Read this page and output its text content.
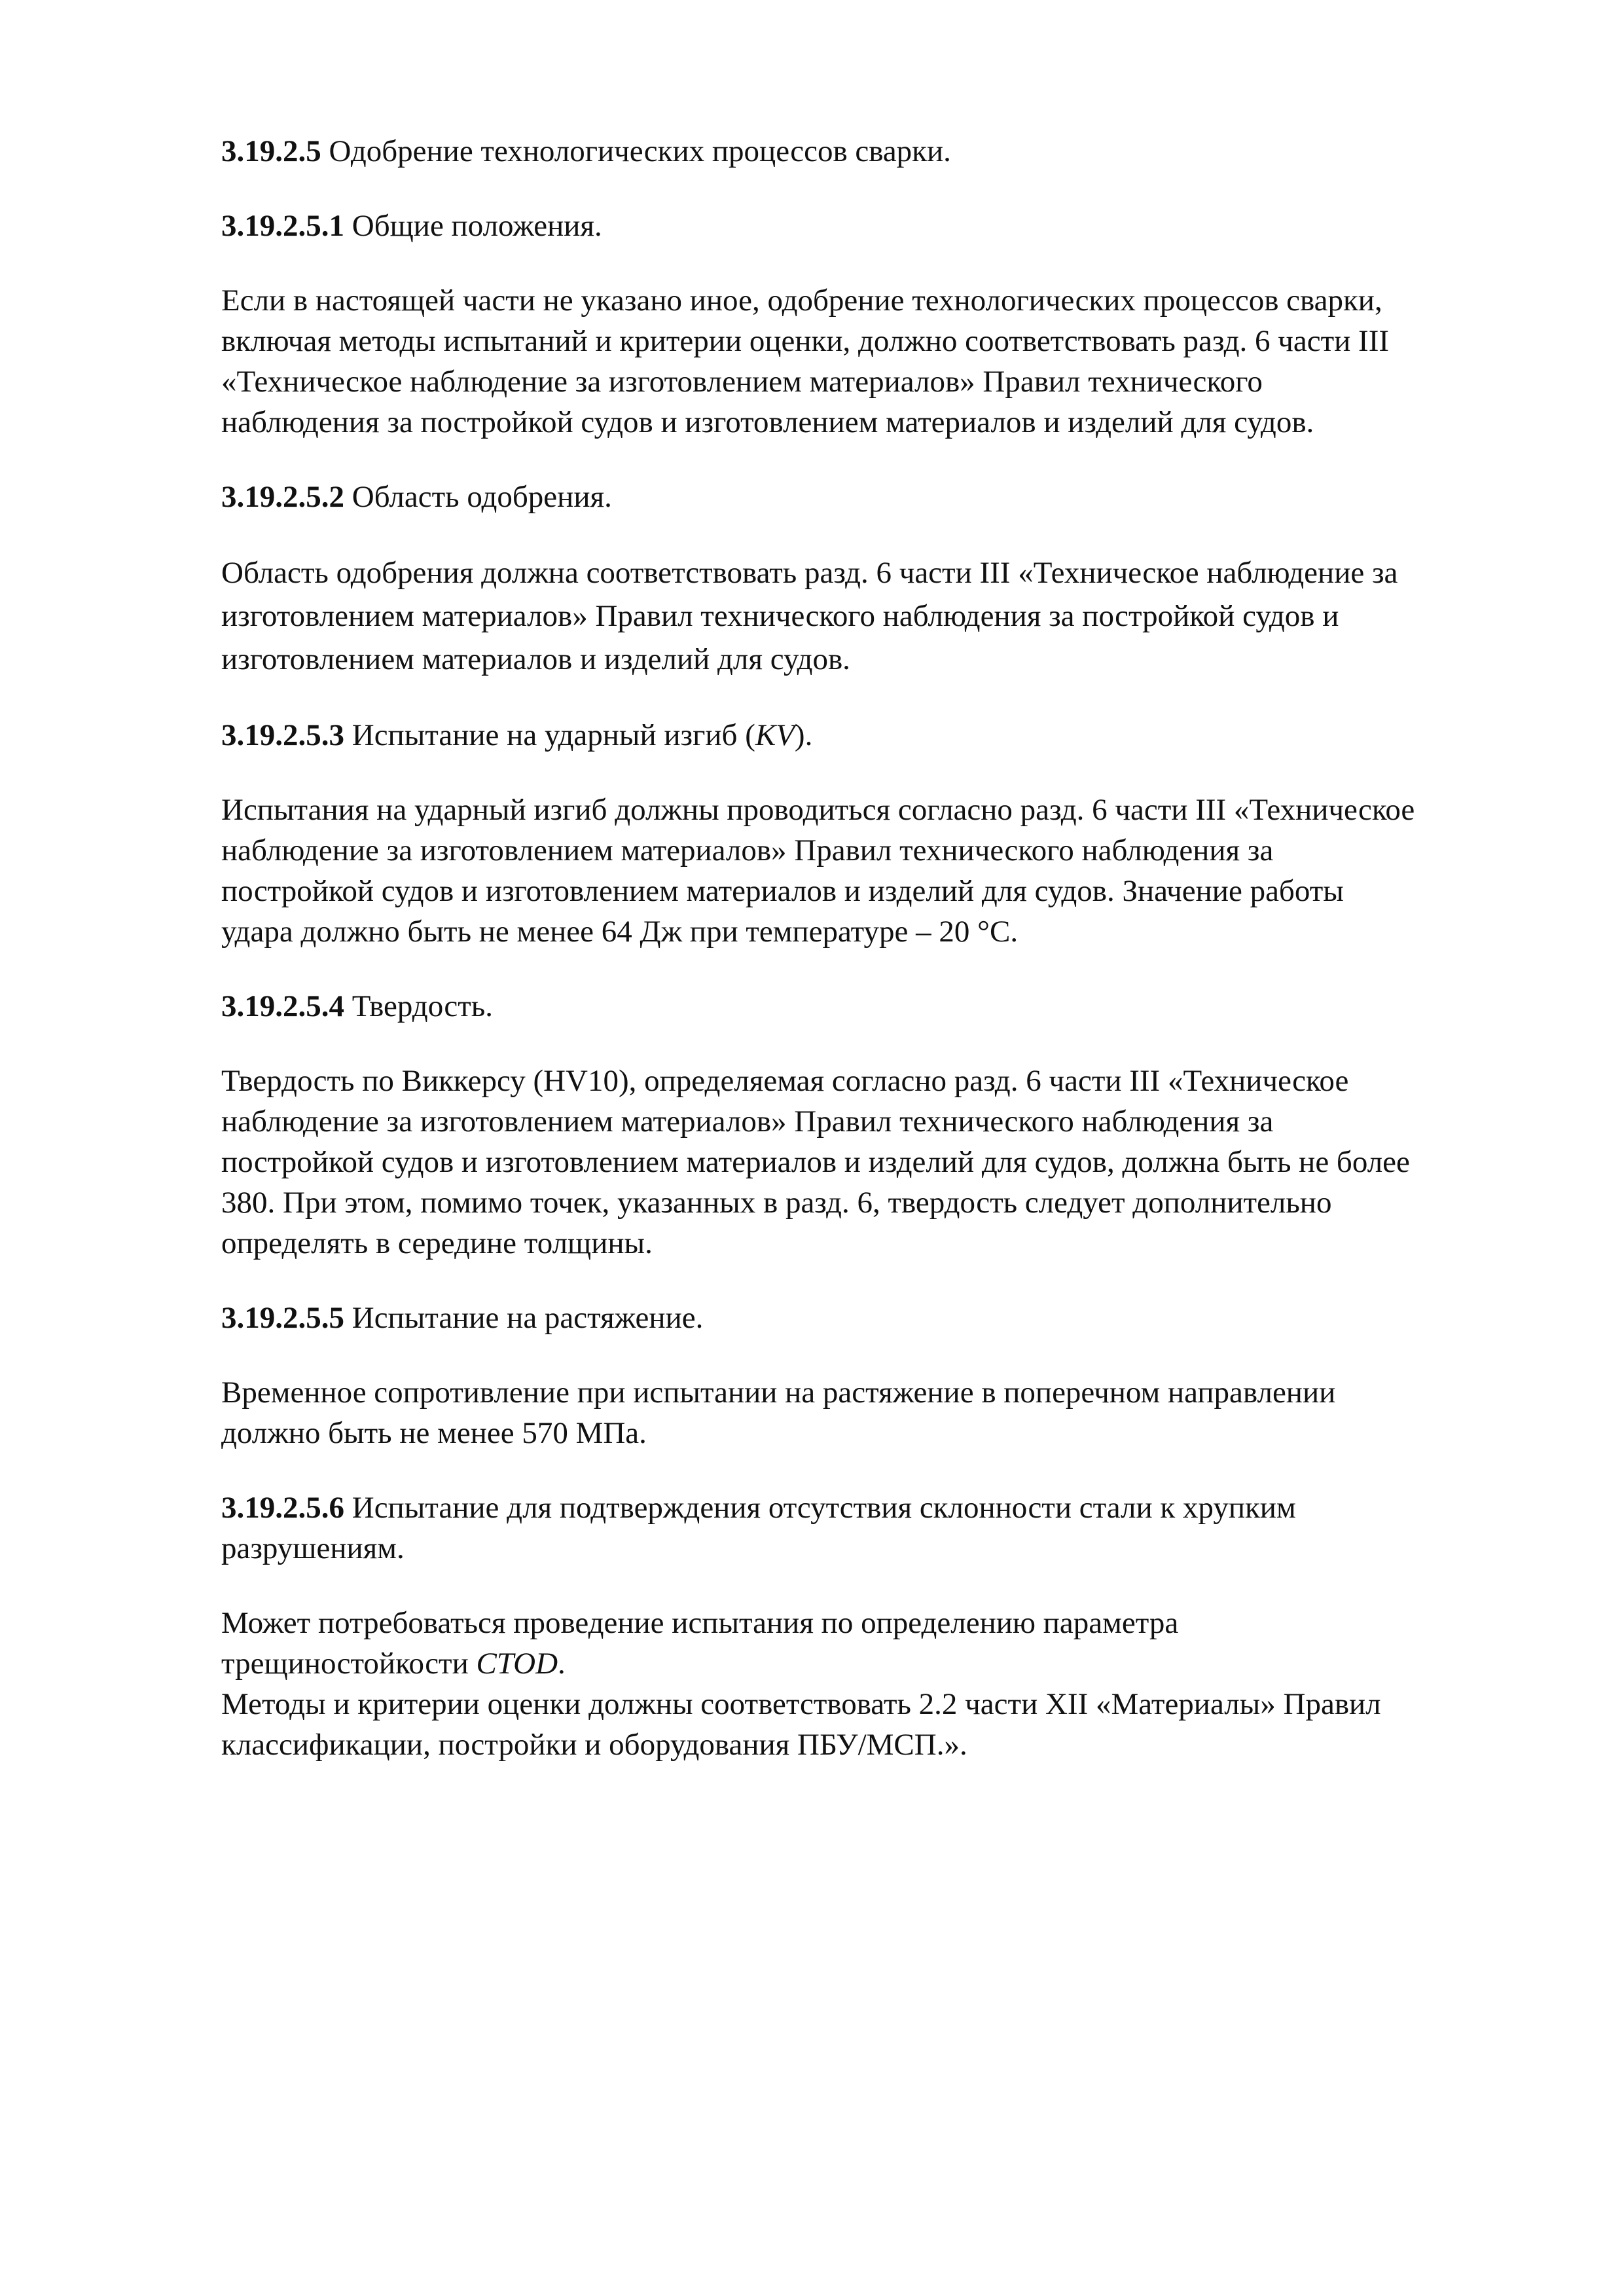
3.19.2.5 Одобрение технологических процессов сварки.

3.19.2.5.1 Общие положения.

Если в настоящей части не указано иное, одобрение технологических процессов сварки,
включая методы испытаний и критерии оценки, должно соответствовать разд. 6 части III
«Техническое наблюдение за изготовлением материалов» Правил технического
наблюдения за постройкой судов и изготовлением материалов и изделий для судов.

3.19.2.5.2 Область одобрения.

Область одобрения должна соответствовать разд. 6 части III «Техническое наблюдение за
изготовлением материалов» Правил технического наблюдения за постройкой судов и
изготовлением материалов и изделий для судов.

3.19.2.5.3 Испытание на ударный изгиб (KV).

Испытания на ударный изгиб должны проводиться согласно разд. 6 части III «Техническое
наблюдение за изготовлением материалов» Правил технического наблюдения за
постройкой судов и изготовлением материалов и изделий для судов. Значение работы
удара должно быть не менее 64 Дж при температуре – 20 °С.

3.19.2.5.4 Твердость.

Твердость по Виккерсу (HV10), определяемая согласно разд. 6 части III «Техническое
наблюдение за изготовлением материалов» Правил технического наблюдения за
постройкой судов и изготовлением материалов и изделий для судов, должна быть не более
380. При этом, помимо точек, указанных в разд. 6, твердость следует дополнительно
определять в середине толщины.

3.19.2.5.5 Испытание на растяжение.

Временное сопротивление при испытании на растяжение в поперечном направлении
должно быть не менее 570 МПа.

3.19.2.5.6 Испытание для подтверждения отсутствия склонности стали к хрупким
разрушениям.

Может потребоваться проведение испытания по определению параметра
трещиностойкости CTOD.

Методы и критерии оценки должны соответствовать 2.2 части XII «Материалы» Правил
классификации, постройки и оборудования ПБУ/МСП.».
